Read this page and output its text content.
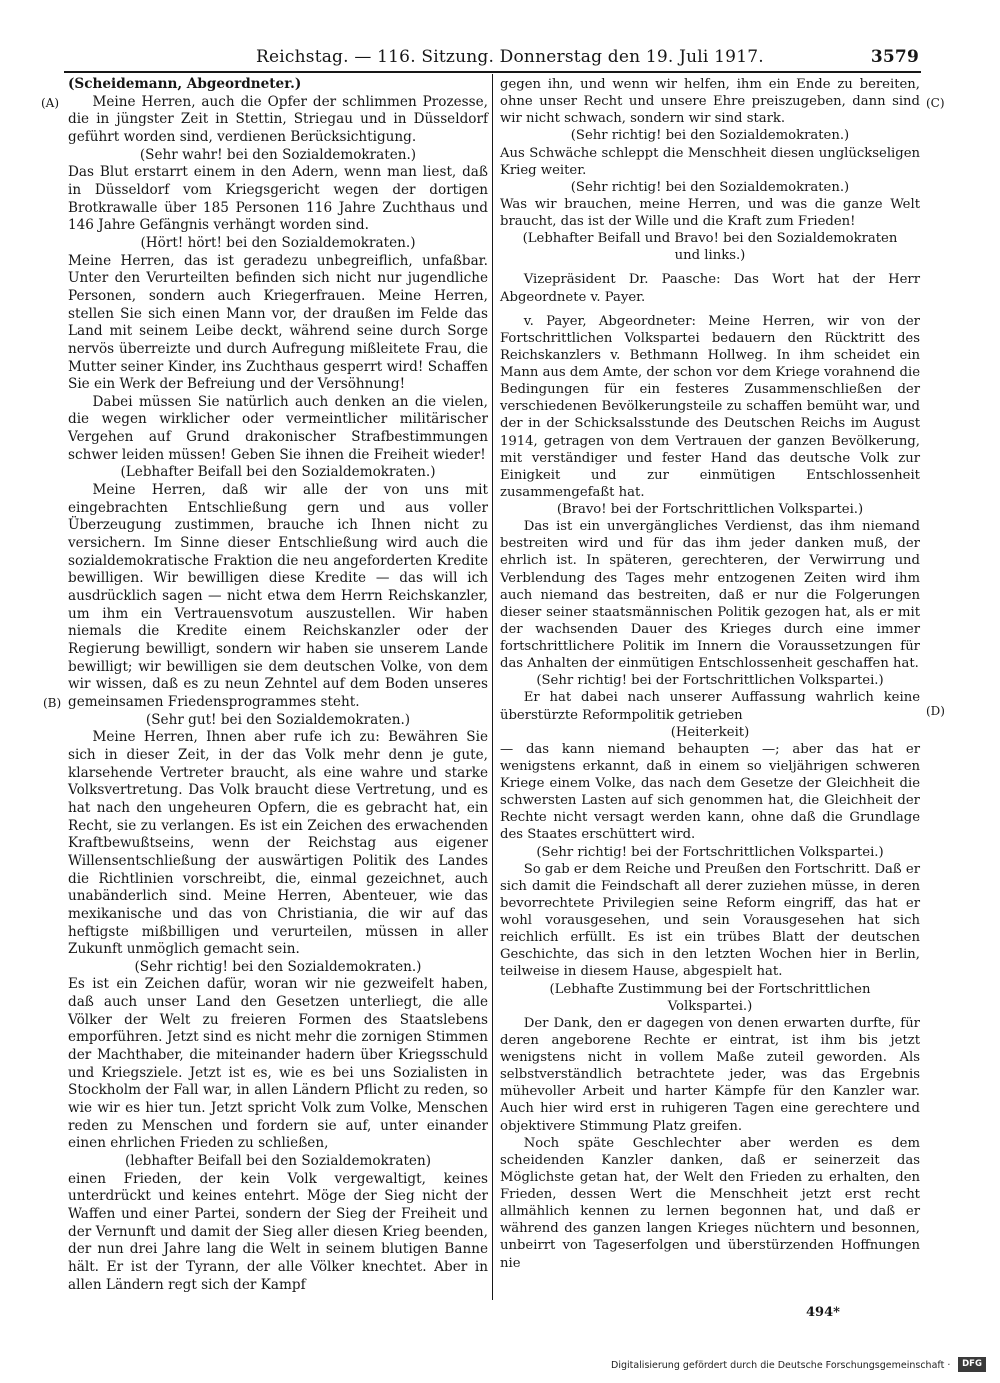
Reichstag. — 116. Sitzung. Donnerstag den 19. Juli 1917.	3579
(A)
(B)
(C)
(D)

(Scheidemann, Abgeordneter.)

Meine Herren, auch die Opfer der schlimmen Prozesse, die in jüngster Zeit in Stettin, Striegau und in Düsseldorf geführt worden sind, verdienen Berücksichtigung.

(Sehr wahr! bei den Sozialdemokraten.)

Das Blut erstarrt einem in den Adern, wenn man liest, daß in Düsseldorf vom Kriegsgericht wegen der dortigen Brotkrawalle über 185 Personen 116 Jahre Zuchthaus und 146 Jahre Gefängnis verhängt worden sind.

(Hört! hört! bei den Sozialdemokraten.)

Meine Herren, das ist geradezu unbegreiflich, unfaßbar. Unter den Verurteilten befinden sich nicht nur jugendliche Personen, sondern auch Kriegerfrauen. Meine Herren, stellen Sie sich einen Mann vor, der draußen im Felde das Land mit seinem Leibe deckt, während seine durch Sorge nervös überreizte und durch Aufregung mißleitete Frau, die Mutter seiner Kinder, ins Zuchthaus gesperrt wird! Schaffen Sie ein Werk der Befreiung und der Versöhnung!

Dabei müssen Sie natürlich auch denken an die vielen, die wegen wirklicher oder vermeintlicher militärischer Vergehen auf Grund drakonischer Strafbestimmungen schwer leiden müssen! Geben Sie ihnen die Freiheit wieder!

(Lebhafter Beifall bei den Sozialdemokraten.)

Meine Herren, daß wir alle der von uns mit eingebrachten Entschließung gern und aus voller Überzeugung zustimmen, brauche ich Ihnen nicht zu versichern. Im Sinne dieser Entschließung wird auch die sozialdemokratische Fraktion die neu angeforderten Kredite bewilligen. Wir bewilligen diese Kredite — das will ich ausdrücklich sagen — nicht etwa dem Herrn Reichskanzler, um ihm ein Vertrauensvotum auszustellen. Wir haben niemals die Kredite einem Reichskanzler oder der Regierung bewilligt, sondern wir haben sie unserem Lande bewilligt; wir bewilligen sie dem deutschen Volke, von dem wir wissen, daß es zu neun Zehntel auf dem Boden unseres gemeinsamen Friedensprogrammes steht.

(Sehr gut! bei den Sozialdemokraten.)

Meine Herren, Ihnen aber rufe ich zu: Bewähren Sie sich in dieser Zeit, in der das Volk mehr denn je gute, klarsehende Vertreter braucht, als eine wahre und starke Volksvertretung. Das Volk braucht diese Vertretung, und es hat nach den ungeheuren Opfern, die es gebracht hat, ein Recht, sie zu verlangen. Es ist ein Zeichen des erwachenden Kraftbewußtseins, wenn der Reichstag aus eigener Willensentschließung der auswärtigen Politik des Landes die Richtlinien vorschreibt, die, einmal gezeichnet, auch unabänderlich sind. Meine Herren, Abenteuer, wie das mexikanische und das von Christiania, die wir auf das heftigste mißbilligen und verurteilen, müssen in aller Zukunft unmöglich gemacht sein.

(Sehr richtig! bei den Sozialdemokraten.)

Es ist ein Zeichen dafür, woran wir nie gezweifelt haben, daß auch unser Land den Gesetzen unterliegt, die alle Völker der Welt zu freieren Formen des Staatslebens emporführen. Jetzt sind es nicht mehr die zornigen Stimmen der Machthaber, die miteinander hadern über Kriegsschuld und Kriegsziele. Jetzt ist es, wie es bei uns Sozialisten in Stockholm der Fall war, in allen Ländern Pflicht zu reden, so wie wir es hier tun. Jetzt spricht Volk zum Volke, Menschen reden zu Menschen und fordern sie auf, unter einander einen ehrlichen Frieden zu schließen,

(lebhafter Beifall bei den Sozialdemokraten)

einen Frieden, der kein Volk vergewaltigt, keines unterdrückt und keines entehrt. Möge der Sieg nicht der Waffen und einer Partei, sondern der Sieg der Freiheit und der Vernunft und damit der Sieg aller diesen Krieg beenden, der nun drei Jahre lang die Welt in seinem blutigen Banne hält. Er ist der Tyrann, der alle Völker knechtet. Aber in allen Ländern regt sich der Kampf

gegen ihn, und wenn wir helfen, ihm ein Ende zu bereiten, ohne unser Recht und unsere Ehre preiszugeben, dann sind wir nicht schwach, sondern wir sind stark.

(Sehr richtig! bei den Sozialdemokraten.)

Aus Schwäche schleppt die Menschheit diesen unglückseligen Krieg weiter.

(Sehr richtig! bei den Sozialdemokraten.)

Was wir brauchen, meine Herren, und was die ganze Welt braucht, das ist der Wille und die Kraft zum Frieden!

(Lebhafter Beifall und Bravo! bei den Sozialdemokraten und links.)

Vizepräsident Dr. Paasche: Das Wort hat der Herr Abgeordnete v. Payer.

v. Payer, Abgeordneter: Meine Herren, wir von der Fortschrittlichen Volkspartei bedauern den Rücktritt des Reichskanzlers v. Bethmann Hollweg. In ihm scheidet ein Mann aus dem Amte, der schon vor dem Kriege vorahnend die Bedingungen für ein festeres Zusammenschließen der verschiedenen Bevölkerungsteile zu schaffen bemüht war, und der in der Schicksalsstunde des Deutschen Reichs im August 1914, getragen von dem Vertrauen der ganzen Bevölkerung, mit verständiger und fester Hand das deutsche Volk zur Einigkeit und zur einmütigen Entschlossenheit zusammengefaßt hat.

(Bravo! bei der Fortschrittlichen Volkspartei.)

Das ist ein unvergängliches Verdienst, das ihm niemand bestreiten wird und für das ihm jeder danken muß, der ehrlich ist. In späteren, gerechteren, der Verwirrung und Verblendung des Tages mehr entzogenen Zeiten wird ihm auch niemand das bestreiten, daß er nur die Folgerungen dieser seiner staatsmännischen Politik gezogen hat, als er mit der wachsenden Dauer des Krieges durch eine immer fortschrittlichere Politik im Innern die Voraussetzungen für das Anhalten der einmütigen Entschlossenheit geschaffen hat.

(Sehr richtig! bei der Fortschrittlichen Volkspartei.)

Er hat dabei nach unserer Auffassung wahrlich keine überstürzte Reformpolitik getrieben

(Heiterkeit)

— das kann niemand behaupten —; aber das hat er wenigstens erkannt, daß in einem so vieljährigen schweren Kriege einem Volke, das nach dem Gesetze der Gleichheit die schwersten Lasten auf sich genommen hat, die Gleichheit der Rechte nicht versagt werden kann, ohne daß die Grundlage des Staates erschüttert wird.

(Sehr richtig! bei der Fortschrittlichen Volkspartei.)

So gab er dem Reiche und Preußen den Fortschritt. Daß er sich damit die Feindschaft all derer zuziehen müsse, in deren bevorrechtete Privilegien seine Reform eingriff, das hat er wohl vorausgesehen, und sein Vorausgesehen hat sich reichlich erfüllt. Es ist ein trübes Blatt der deutschen Geschichte, das sich in den letzten Wochen hier in Berlin, teilweise in diesem Hause, abgespielt hat.

(Lebhafte Zustimmung bei der Fortschrittlichen Volkspartei.)

Der Dank, den er dagegen von denen erwarten durfte, für deren angeborene Rechte er eintrat, ist ihm bis jetzt wenigstens nicht in vollem Maße zuteil geworden. Als selbstverständlich betrachtete jeder, was das Ergebnis mühevoller Arbeit und harter Kämpfe für den Kanzler war. Auch hier wird erst in ruhigeren Tagen eine gerechtere und objektivere Stimmung Platz greifen.

Noch späte Geschlechter aber werden es dem scheidenden Kanzler danken, daß er seinerzeit das Möglichste getan hat, der Welt den Frieden zu erhalten, den Frieden, dessen Wert die Menschheit jetzt erst recht allmählich kennen zu lernen begonnen hat, und daß er während des ganzen langen Krieges nüchtern und besonnen, unbeirrt von Tageserfolgen und überstürzenden Hoffnungen nie

494*
Digitalisierung gefördert durch die Deutsche Forschungsgemeinschaft ·	DFG
